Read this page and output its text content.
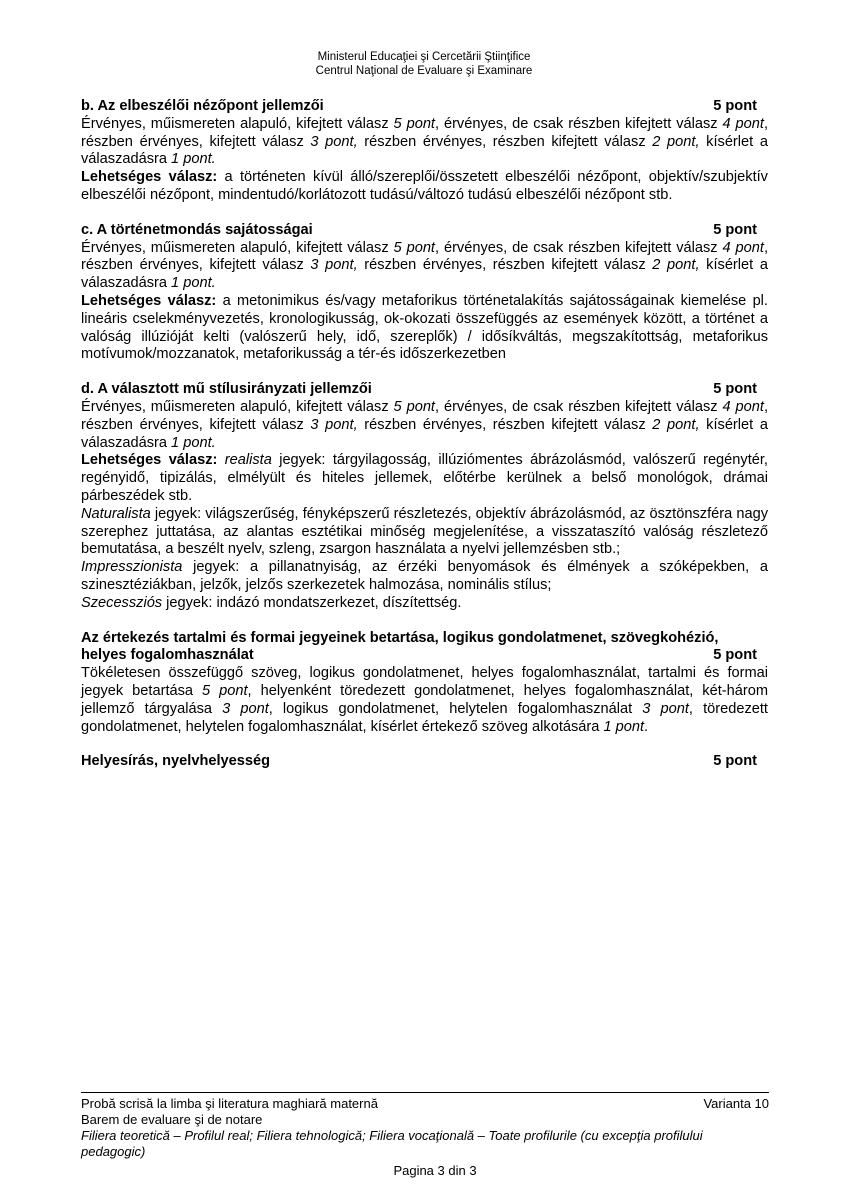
Ministerul Educaţiei şi Cercetării Ştiinţifice
Centrul Naţional de Evaluare şi Examinare
b. Az elbeszélői nézőpont jellemzői	5 pont
Érvényes, műismereten alapuló, kifejtett válasz 5 pont, érvényes, de csak részben kifejtett válasz 4 pont, részben érvényes, kifejtett válasz 3 pont, részben érvényes, részben kifejtett válasz 2 pont, kísérlet a válaszadásra 1 pont.
Lehetséges válasz: a történeten kívül álló/szereplői/összetett elbeszélői nézőpont, objektív/szubjektív elbeszélői nézőpont, mindentudó/korlátozott tudású/változó tudású elbeszélői nézőpont stb.
c. A történetmondás sajátosságai	5 pont
Érvényes, műismereten alapuló, kifejtett válasz 5 pont, érvényes, de csak részben kifejtett válasz 4 pont, részben érvényes, kifejtett válasz 3 pont, részben érvényes, részben kifejtett válasz 2 pont, kísérlet a válaszadásra 1 pont.
Lehetséges válasz: a metonimikus és/vagy metaforikus történetalakítás sajátosságainak kiemelése pl. lineáris cselekményvezetés, kronologikusság, ok-okozati összefüggés az események között, a történet a valóság illúzióját kelti (valószerű hely, idő, szereplők) / idősíkváltás, megszakítottság, metaforikus motívumok/mozzanatok, metaforikusság a tér-és időszerkezetben
d. A választott mű stílusirányzati jellemzői	5 pont
Érvényes, műismereten alapuló, kifejtett válasz 5 pont, érvényes, de csak részben kifejtett válasz 4 pont, részben érvényes, kifejtett válasz 3 pont, részben érvényes, részben kifejtett válasz 2 pont, kísérlet a válaszadásra 1 pont.
Lehetséges válasz: realista jegyek: tárgyilagosság, illúziómentes ábrázolásmód, valószerű regénytér, regényidő, tipizálás, elmélyült és hiteles jellemek, előtérbe kerülnek a belső monológok, drámai párbeszédek stb.
Naturalista jegyek: világszerűség, fényképszerű részletezés, objektív ábrázolásmód, az ösztönszféra nagy szerephez juttatása, az alantas esztétikai minőség megjelenítése, a visszataszító valóság részletező bemutatása, a beszélt nyelv, szleng, zsargon használata a nyelvi jellemzésben stb.;
Impresszionista jegyek: a pillanatnyiság, az érzéki benyomások és élmények a szóképekben, a szinesztéziákban, jelzők, jelzős szerkezetek halmozása, nominális stílus;
Szecessziós jegyek: indázó mondatszerkezet, díszítettség.
Az értekezés tartalmi és formai jegyeinek betartása, logikus gondolatmenet, szövegkohézió,
helyes fogalomhasználat	5 pont
Tökéletesen összefüggő szöveg, logikus gondolatmenet, helyes fogalomhasználat, tartalmi és formai jegyek betartása 5 pont, helyenként töredezett gondolatmenet, helyes fogalomhasználat, két-három jellemző tárgyalása 3 pont, logikus gondolatmenet, helytelen fogalomhasználat 3 pont, töredezett gondolatmenet, helytelen fogalomhasználat, kísérlet értekező szöveg alkotására 1 pont.
Helyesírás, nyelvhelyesség	5 pont
Probă scrisă la limba şi literatura maghiară maternă	Varianta 10
Barem de evaluare şi de notare
Filiera teoretică – Profilul real; Filiera tehnologică; Filiera vocaţională – Toate profilurile (cu excepţia profilului pedagogic)
Pagina 3 din 3
